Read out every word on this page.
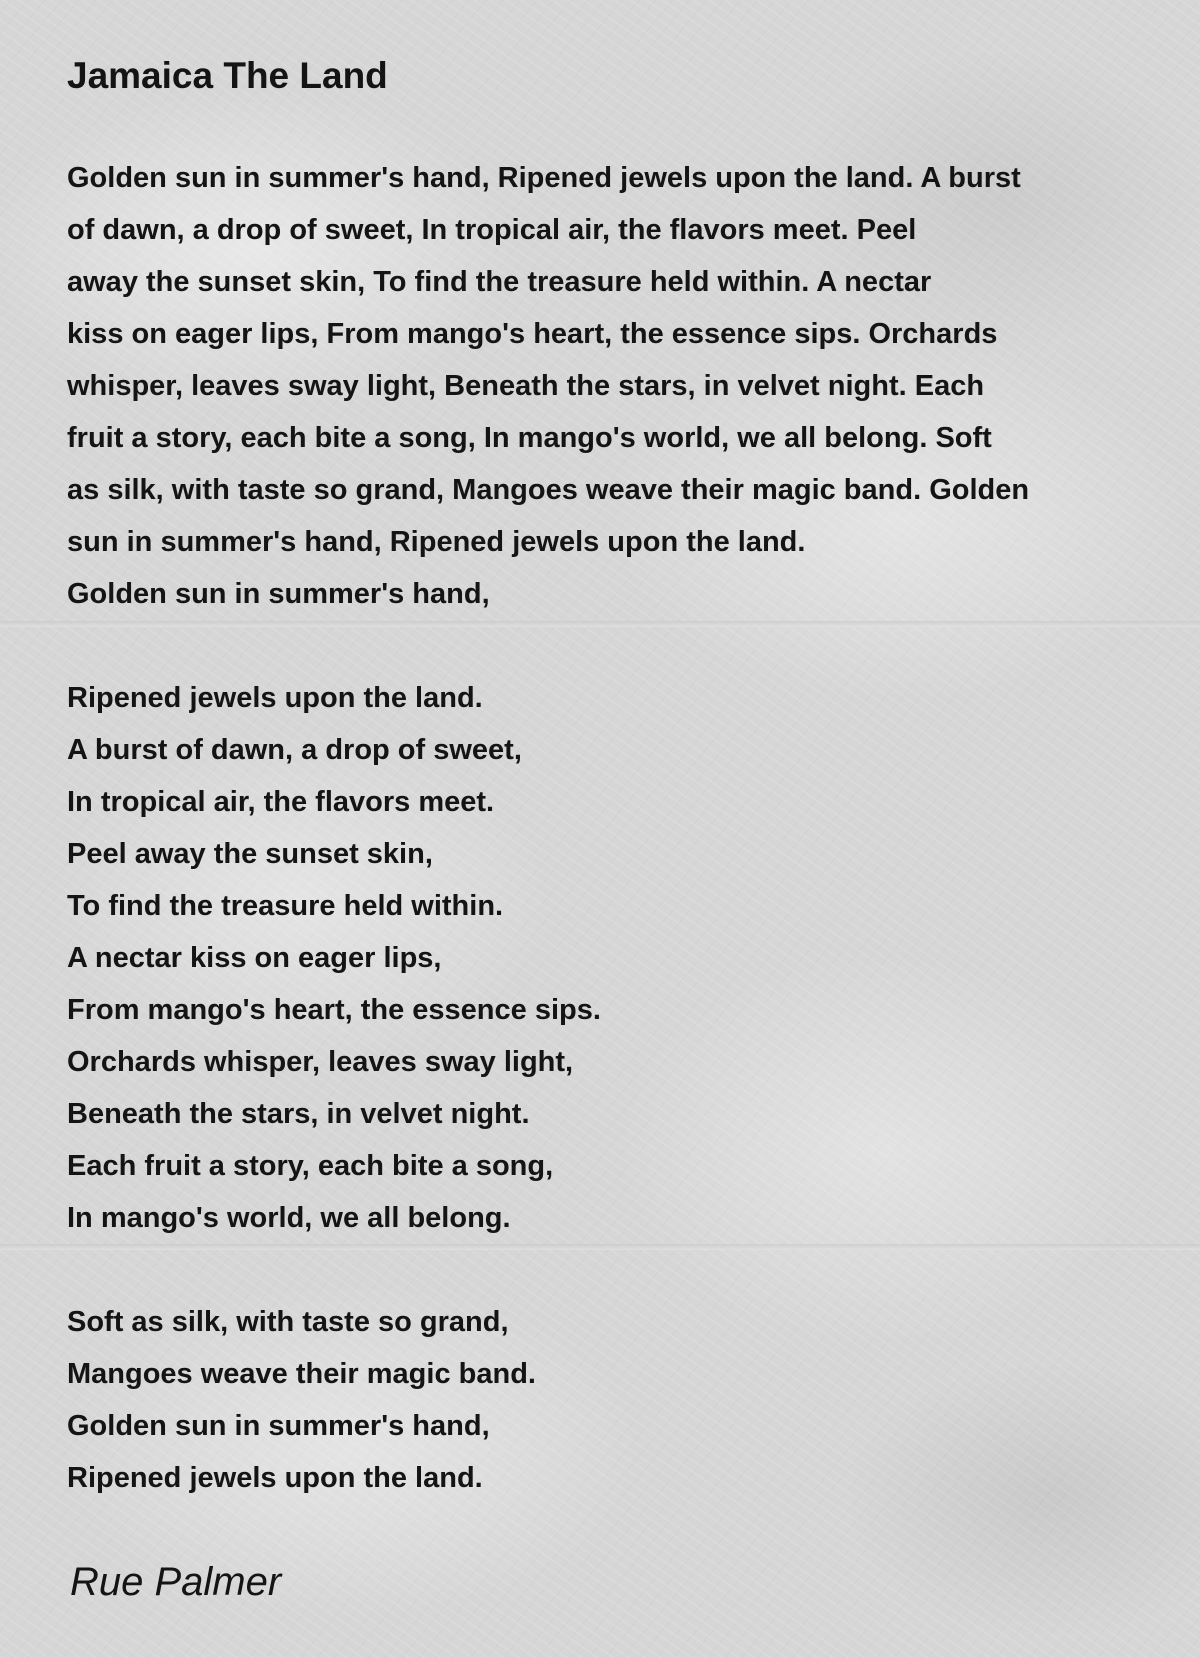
Jamaica The Land
Golden sun in summer's hand, Ripened jewels upon the land. A burst
of dawn, a drop of sweet, In tropical air, the flavors meet. Peel
away the sunset skin, To find the treasure held within. A nectar
kiss on eager lips, From mango's heart, the essence sips. Orchards
whisper, leaves sway light, Beneath the stars, in velvet night. Each
fruit a story, each bite a song, In mango's world, we all belong. Soft
as silk, with taste so grand, Mangoes weave their magic band. Golden
sun in summer's hand, Ripened jewels upon the land.
Golden sun in summer's hand,
Ripened jewels upon the land.
A burst of dawn, a drop of sweet,
In tropical air, the flavors meet.
Peel away the sunset skin,
To find the treasure held within.
A nectar kiss on eager lips,
From mango's heart, the essence sips.
Orchards whisper, leaves sway light,
Beneath the stars, in velvet night.
Each fruit a story, each bite a song,
In mango's world, we all belong.
Soft as silk, with taste so grand,
Mangoes weave their magic band.
Golden sun in summer's hand,
Ripened jewels upon the land.
Rue Palmer
